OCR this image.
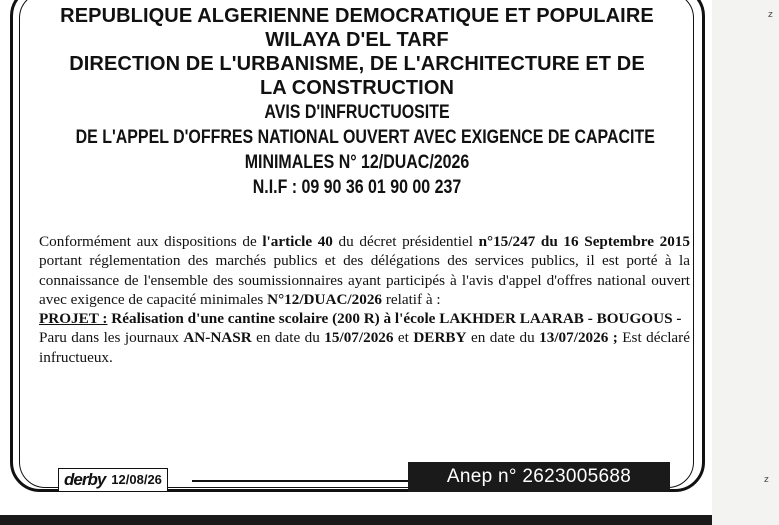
z
z
REPUBLIQUE ALGERIENNE DEMOCRATIQUE ET POPULAIRE
WILAYA D'EL TARF
DIRECTION DE L'URBANISME, DE L'ARCHITECTURE ET DE
LA CONSTRUCTION
AVIS D'INFRUCTUOSITE
DE L'APPEL D'OFFRES NATIONAL OUVERT AVEC EXIGENCE DE CAPACITE
MINIMALES N° 12/DUAC/2026
N.I.F : 09 90 36 01 90 00 237
Conformément aux dispositions de l'article 40 du décret présidentiel n°15/247 du 16 Septembre 2015 portant réglementation des marchés publics et des délégations des services publics, il est porté à la connaissance de l'ensemble des soumissionnaires ayant participés à l'avis d'appel d'offres national ouvert avec exigence de capacité minimales N°12/DUAC/2026 relatif à :
PROJET : Réalisation d'une cantine scolaire (200 R) à l'école LAKHDER LAARAB - BOUGOUS -
Paru dans les journaux AN-NASR en date du 15/07/2026 et DERBY en date du 13/07/2026 ; Est déclaré infructueux.
derby 12/08/26	Anep n° 2623005688
